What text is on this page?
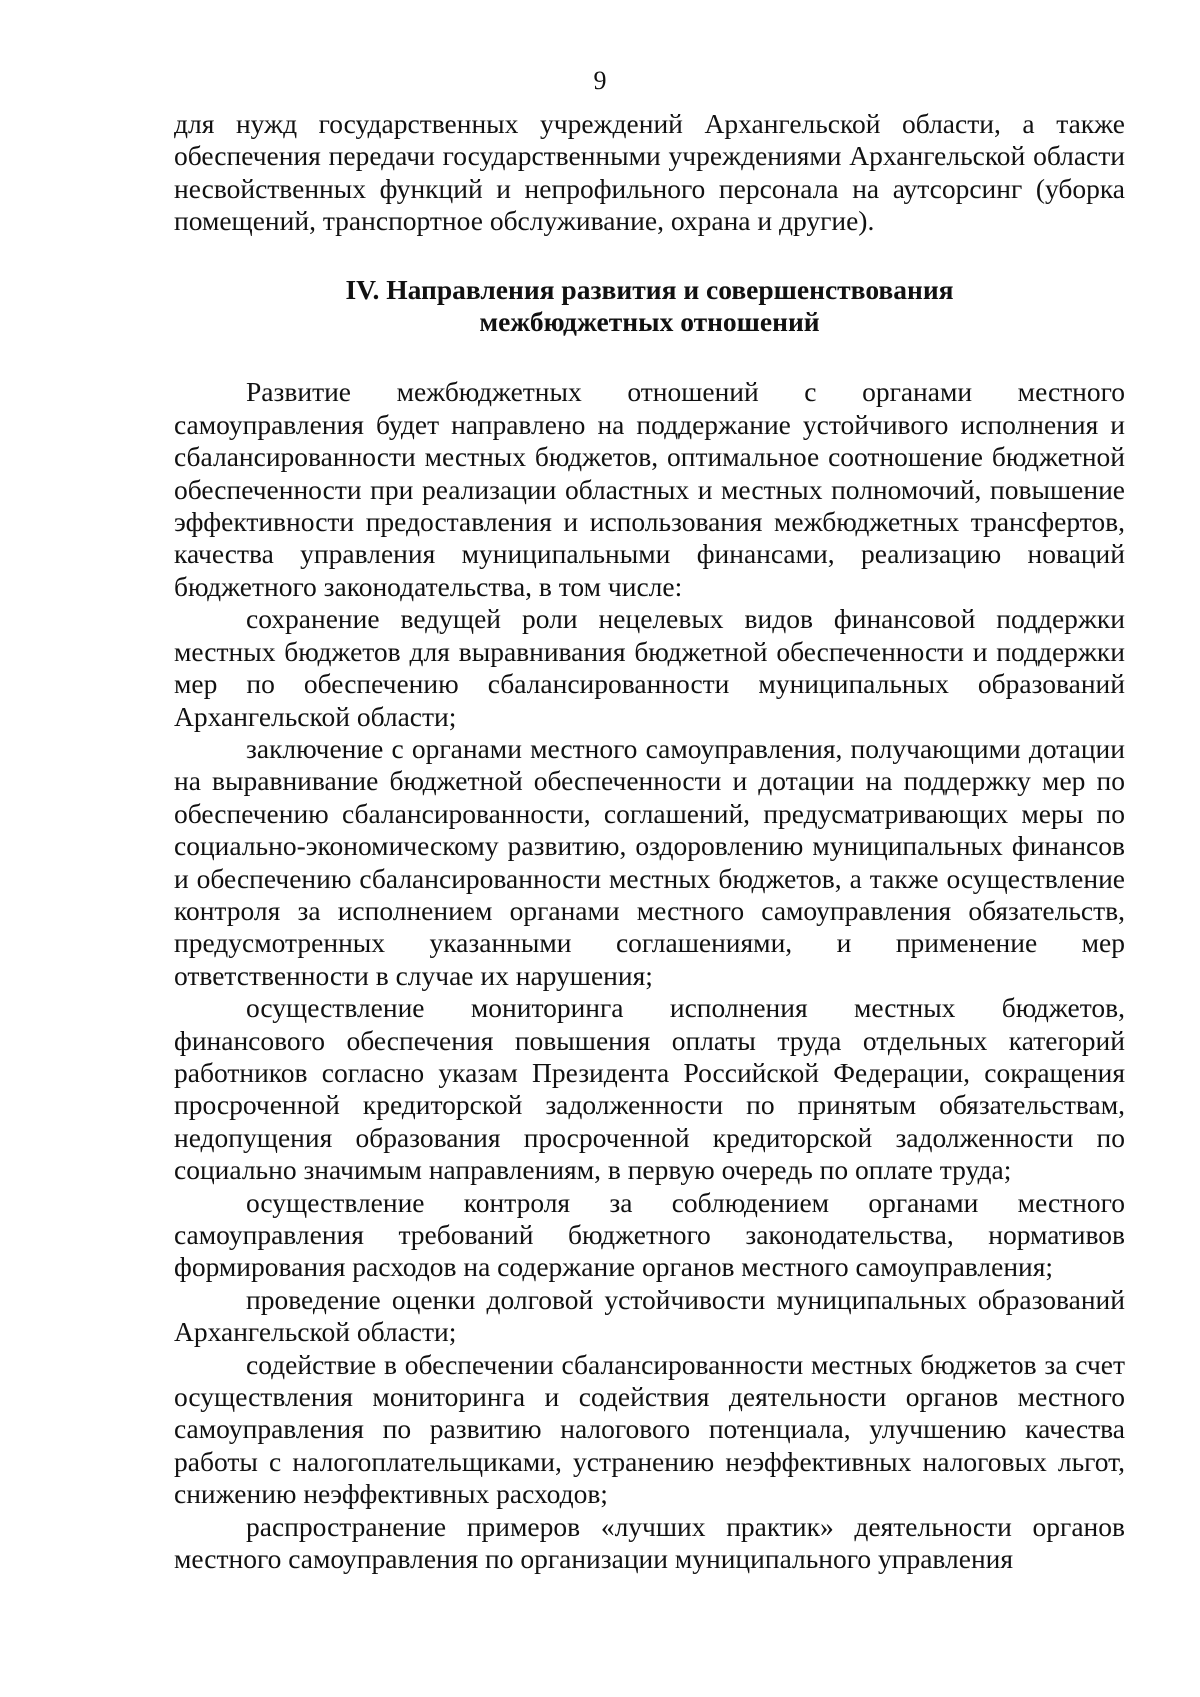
9

для нужд государственных учреждений Архангельской области, а также обеспечения передачи государственными учреждениями Архангельской области несвойственных функций и непрофильного персонала на аутсорсинг (уборка помещений, транспортное обслуживание, охрана и другие).

IV. Направления развития и совершенствования
межбюджетных отношений

Развитие межбюджетных отношений с органами местного самоуправления будет направлено на поддержание устойчивого исполнения и сбалансированности местных бюджетов, оптимальное соотношение бюджетной обеспеченности при реализации областных и местных полномочий, повышение эффективности предоставления и использования межбюджетных трансфертов, качества управления муниципальными финансами, реализацию новаций бюджетного законодательства, в том числе:

сохранение ведущей роли нецелевых видов финансовой поддержки местных бюджетов для выравнивания бюджетной обеспеченности и поддержки мер по обеспечению сбалансированности муниципальных образований Архангельской области;

заключение с органами местного самоуправления, получающими дотации на выравнивание бюджетной обеспеченности и дотации на поддержку мер по обеспечению сбалансированности, соглашений, предусматривающих меры по социально-экономическому развитию, оздоровлению муниципальных финансов и обеспечению сбалансированности местных бюджетов, а также осуществление контроля за исполнением органами местного самоуправления обязательств, предусмотренных указанными соглашениями, и применение мер ответственности в случае их нарушения;

осуществление мониторинга исполнения местных бюджетов, финансового обеспечения повышения оплаты труда отдельных категорий работников согласно указам Президента Российской Федерации, сокращения просроченной кредиторской задолженности по принятым обязательствам, недопущения образования просроченной кредиторской задолженности по социально значимым направлениям, в первую очередь по оплате труда;

осуществление контроля за соблюдением органами местного самоуправления требований бюджетного законодательства, нормативов формирования расходов на содержание органов местного самоуправления;

проведение оценки долговой устойчивости муниципальных образований Архангельской области;

содействие в обеспечении сбалансированности местных бюджетов за счет осуществления мониторинга и содействия деятельности органов местного самоуправления по развитию налогового потенциала, улучшению качества работы с налогоплательщиками, устранению неэффективных налоговых льгот, снижению неэффективных расходов;

распространение примеров «лучших практик» деятельности органов местного самоуправления по организации муниципального управления
